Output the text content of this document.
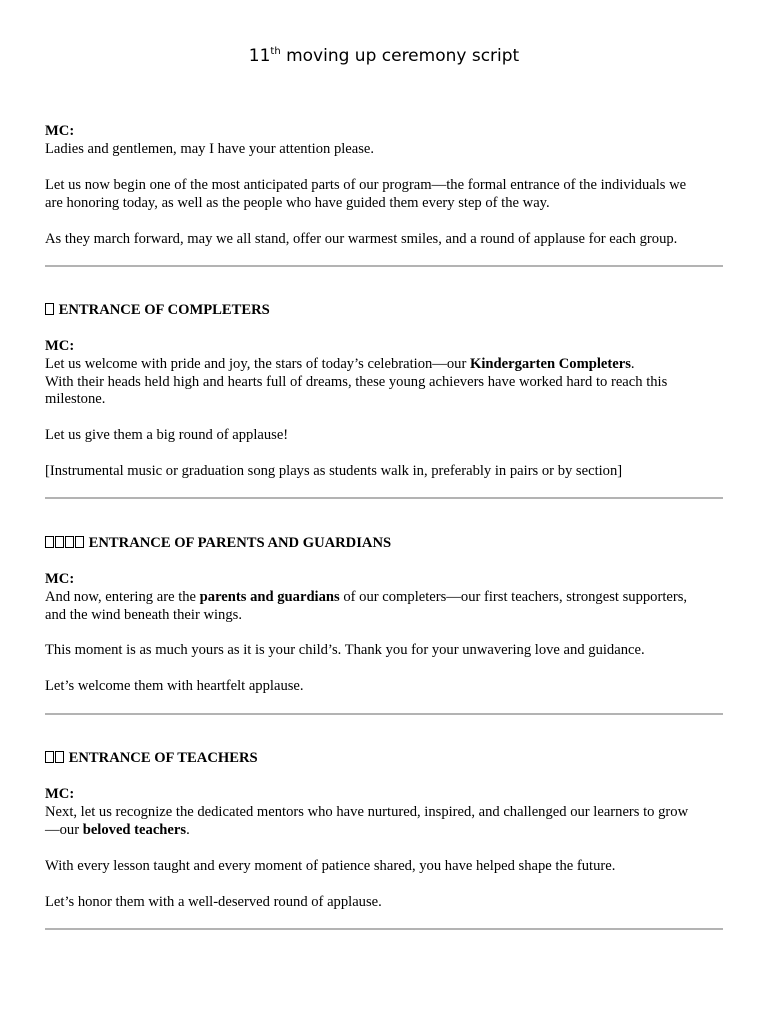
11th moving up ceremony script
MC:
Ladies and gentlemen, may I have your attention please.
Let us now begin one of the most anticipated parts of our program—the formal entrance of the individuals we
are honoring today, as well as the people who have guided them every step of the way.
As they march forward, may we all stand, offer our warmest smiles, and a round of applause for each group.
ENTRANCE OF COMPLETERS
MC:
Let us welcome with pride and joy, the stars of today’s celebration—our Kindergarten Completers.
With their heads held high and hearts full of dreams, these young achievers have worked hard to reach this
milestone.
Let us give them a big round of applause!
[Instrumental music or graduation song plays as students walk in, preferably in pairs or by section]
ENTRANCE OF PARENTS AND GUARDIANS
MC:
And now, entering are the parents and guardians of our completers—our first teachers, strongest supporters,
and the wind beneath their wings.
This moment is as much yours as it is your child’s. Thank you for your unwavering love and guidance.
Let’s welcome them with heartfelt applause.
ENTRANCE OF TEACHERS
MC:
Next, let us recognize the dedicated mentors who have nurtured, inspired, and challenged our learners to grow
—our beloved teachers.
With every lesson taught and every moment of patience shared, you have helped shape the future.
Let’s honor them with a well-deserved round of applause.
